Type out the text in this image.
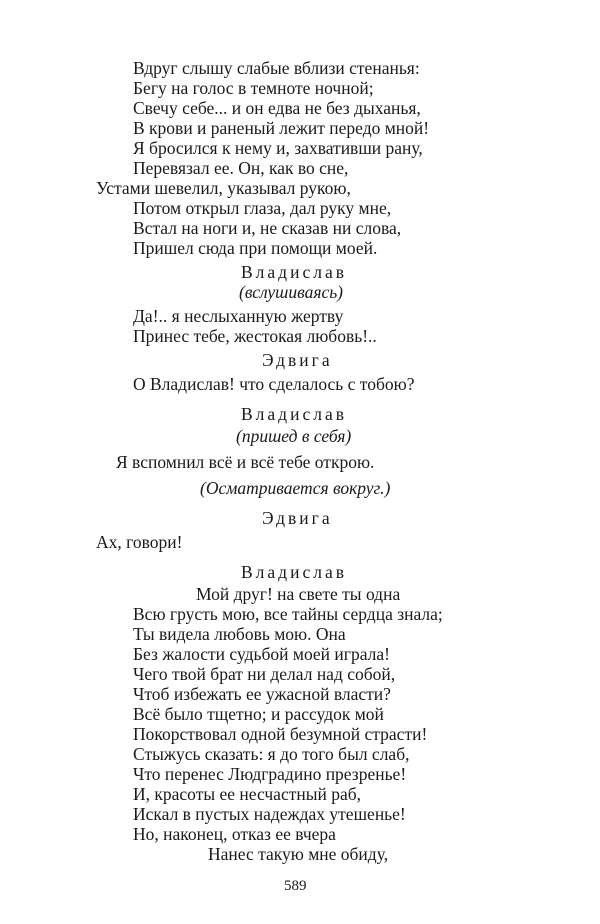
Вдруг слышу слабые вблизи стенанья:
Бегу на голос в темноте ночной;
Свечу себе... и он едва не без дыханья,
В крови и раненый лежит передо мной!
Я бросился к нему и, захвативши рану,
Перевязал ее. Он, как во сне,
Устами шевелил, указывал рукою,
Потом открыл глаза, дал руку мне,
Встал на ноги и, не сказав ни слова,
Пришел сюда при помощи моей.
Владислав
(вслушиваясь)
Да!.. я неслыханную жертву
Принес тебе, жестокая любовь!..
Эдвига
О Владислав! что сделалось с тобою?
Владислав
(пришед в себя)
Я вспомнил всё и всё тебе открою.
(Осматривается вокруг.)
Эдвига
Ах, говори!
Владислав
Мой друг! на свете ты одна
Всю грусть мою, все тайны сердца знала;
Ты видела любовь мою. Она
Без жалости судьбой моей играла!
Чего твой брат ни делал над собой,
Чтоб избежать ее ужасной власти?
Всё было тщетно; и рассудок мой
Покорствовал одной безумной страсти!
Стыжусь сказать: я до того был слаб,
Что перенес Людградино презренье!
И, красоты ее несчастный раб,
Искал в пустых надеждах утешенье!
Но, наконец, отказ ее вчера
Нанес такую мне обиду,
589
